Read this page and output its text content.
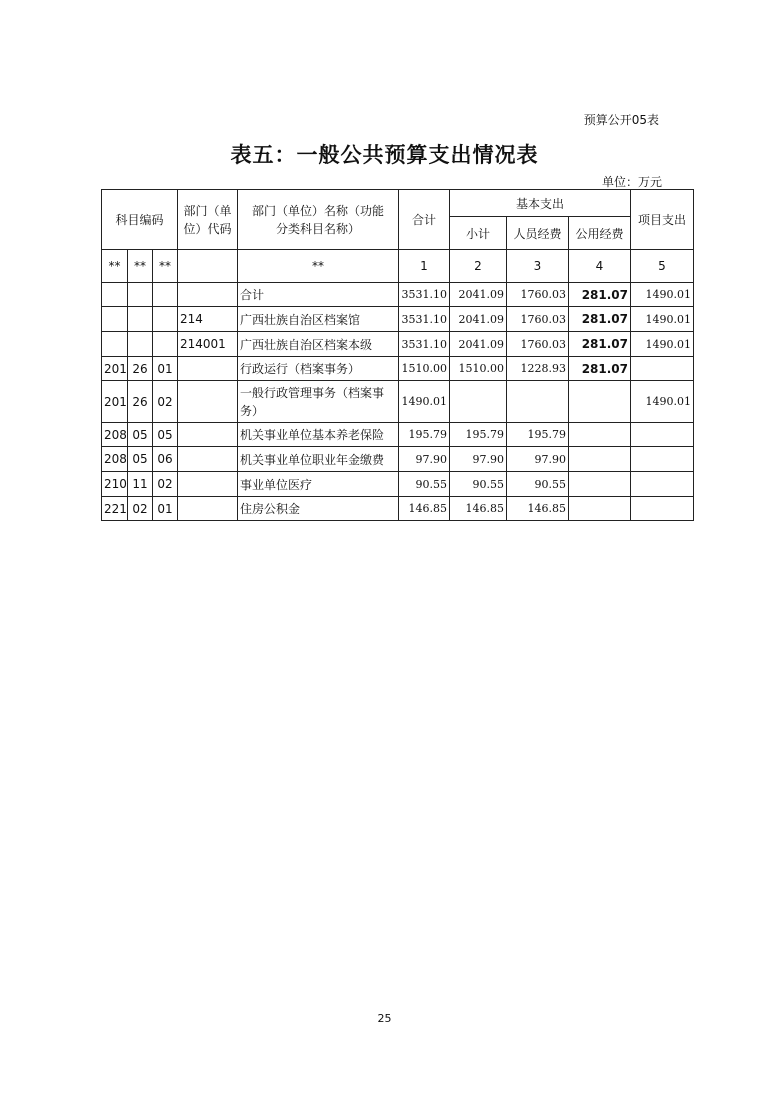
预算公开05表
表五：一般公共预算支出情况表
单位：万元
科目编码			部门（单位）代码	部门（单位）名称（功能分类科目名称）	合计	基本支出			项目支出
						小计	人员经费	公用经费	
**	**	**		**	1	2	3	4	5
				合计	3531.10	2041.09	1760.03	281.07	1490.01
			214	广西壮族自治区档案馆	3531.10	2041.09	1760.03	281.07	1490.01
			214001	广西壮族自治区档案本级	3531.10	2041.09	1760.03	281.07	1490.01
201	26	01		行政运行（档案事务）	1510.00	1510.00	1228.93	281.07	
201	26	02		一般行政管理事务（档案事务）	1490.01				1490.01
208	05	05		机关事业单位基本养老保险	195.79	195.79	195.79		
208	05	06		机关事业单位职业年金缴费	97.90	97.90	97.90		
210	11	02		事业单位医疗	90.55	90.55	90.55		
221	02	01		住房公积金	146.85	146.85	146.85		
25
